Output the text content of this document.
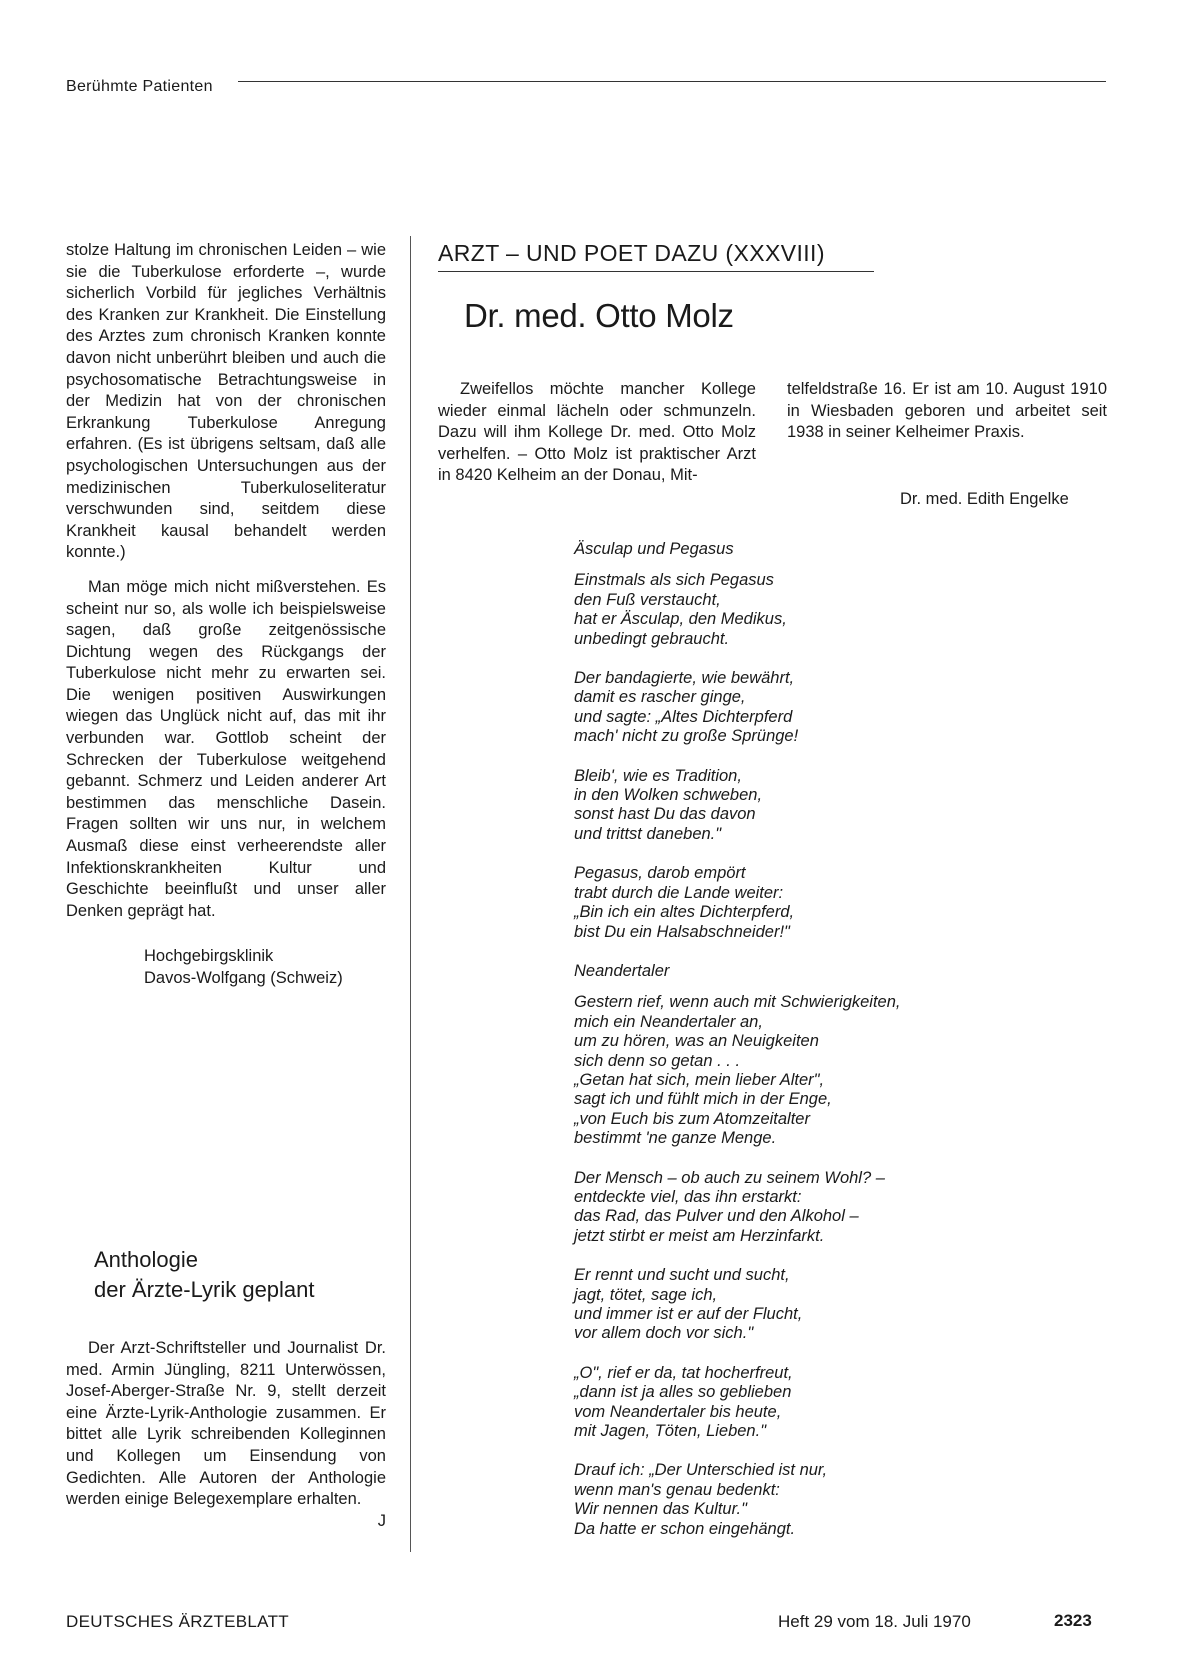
Berühmte Patienten

stolze Haltung im chronischen Leiden – wie sie die Tuberkulose erforderte –, wurde sicherlich Vorbild für jegliches Verhältnis des Kranken zur Krankheit. Die Einstellung des Arztes zum chronisch Kranken konnte davon nicht unberührt bleiben und auch die psychosomatische Betrachtungsweise in der Medizin hat von der chronischen Erkrankung Tuberkulose Anregung erfahren. (Es ist übrigens seltsam, daß alle psychologischen Untersuchungen aus der medizinischen Tuberkuloseliteratur verschwunden sind, seitdem diese Krankheit kausal behandelt werden konnte.)

Man möge mich nicht mißverstehen. Es scheint nur so, als wolle ich beispielsweise sagen, daß große zeitgenössische Dichtung wegen des Rückgangs der Tuberkulose nicht mehr zu erwarten sei. Die wenigen positiven Auswirkungen wiegen das Unglück nicht auf, das mit ihr verbunden war. Gottlob scheint der Schrecken der Tuberkulose weitgehend gebannt. Schmerz und Leiden anderer Art bestimmen das menschliche Dasein. Fragen sollten wir uns nur, in welchem Ausmaß diese einst verheerendste aller Infektionskrankheiten Kultur und Geschichte beeinflußt und unser aller Denken geprägt hat.

Hochgebirgsklinik
Davos-Wolfgang (Schweiz)
Anthologie
der Ärzte-Lyrik geplant

Der Arzt-Schriftsteller und Journalist Dr. med. Armin Jüngling, 8211 Unterwössen, Josef-Aberger-Straße Nr. 9, stellt derzeit eine Ärzte-Lyrik-Anthologie zusammen. Er bittet alle Lyrik schreibenden Kolleginnen und Kollegen um Einsendung von Gedichten. Alle Autoren der Anthologie werden einige Belegexemplare erhalten.
J

ARZT – UND POET DAZU (XXXVIII)
Dr. med. Otto Molz

Zweifellos möchte mancher Kollege wieder einmal lächeln oder schmunzeln. Dazu will ihm Kollege Dr. med. Otto Molz verhelfen. – Otto Molz ist praktischer Arzt in 8420 Kelheim an der Donau, Mit-

telfeldstraße 16. Er ist am 10. August 1910 in Wiesbaden geboren und arbeitet seit 1938 in seiner Kelheimer Praxis.

Dr. med. Edith Engelke
Äsculap und Pegasus
Einstmals als sich Pegasus
den Fuß verstaucht,
hat er Äsculap, den Medikus,
unbedingt gebraucht.
Der bandagierte, wie bewährt,
damit es rascher ginge,
und sagte: „Altes Dichterpferd
mach' nicht zu große Sprünge!
Bleib', wie es Tradition,
in den Wolken schweben,
sonst hast Du das davon
und trittst daneben."
Pegasus, darob empört
trabt durch die Lande weiter:
„Bin ich ein altes Dichterpferd,
bist Du ein Halsabschneider!"
Neandertaler
Gestern rief, wenn auch mit Schwierigkeiten,
mich ein Neandertaler an,
um zu hören, was an Neuigkeiten
sich denn so getan . . .
„Getan hat sich, mein lieber Alter",
sagt ich und fühlt mich in der Enge,
„von Euch bis zum Atomzeitalter
bestimmt 'ne ganze Menge.
Der Mensch – ob auch zu seinem Wohl? –
entdeckte viel, das ihn erstarkt:
das Rad, das Pulver und den Alkohol –
jetzt stirbt er meist am Herzinfarkt.
Er rennt und sucht und sucht,
jagt, tötet, sage ich,
und immer ist er auf der Flucht,
vor allem doch vor sich."
„O", rief er da, tat hocherfreut,
„dann ist ja alles so geblieben
vom Neandertaler bis heute,
mit Jagen, Töten, Lieben."
Drauf ich: „Der Unterschied ist nur,
wenn man's genau bedenkt:
Wir nennen das Kultur."
Da hatte er schon eingehängt.
DEUTSCHES ÄRZTEBLATT	Heft 29 vom 18. Juli 1970	2323
